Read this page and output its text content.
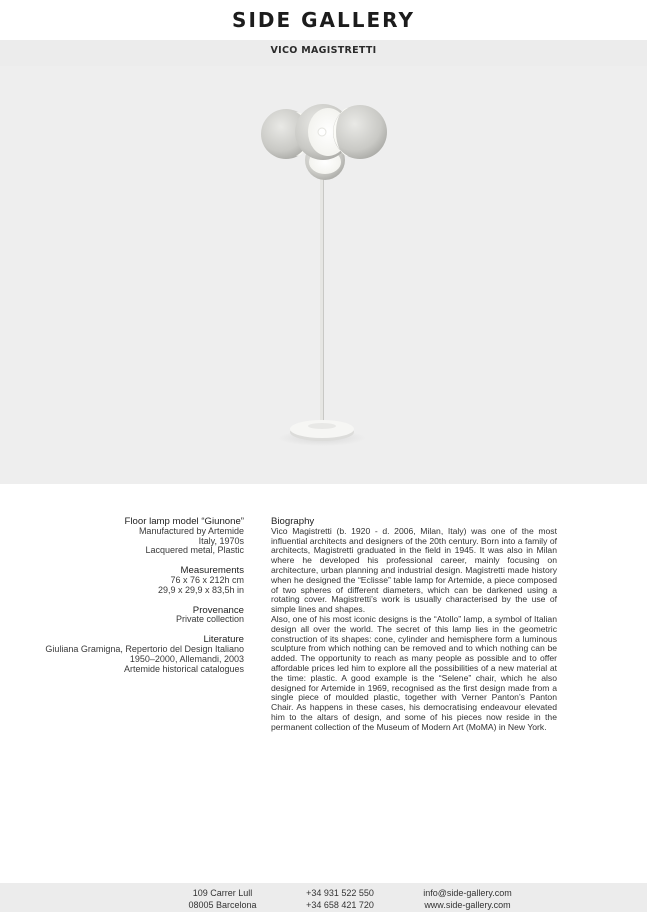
SIDE GALLERY
VICO MAGISTRETTI
Floor lamp model “Giunone”
Manufactured by Artemide
Italy, 1970s
Lacquered metal, Plastic
Measurements
76 x 76 x 212h cm
29,9 x 29,9 x 83,5h in
Provenance
Private collection
Literature
Giuliana Gramigna, Repertorio del Design Italiano
1950–2000, Allemandi, 2003
Artemide historical catalogues
Biography

Vico Magistretti (b. 1920 - d. 2006, Milan, Italy) was one of the most influential architects and designers of the 20th century. Born into a family of architects, Magistretti graduated in the field in 1945. It was also in Milan where he developed his professional career, mainly focusing on architecture, urban planning and industrial design. Magistretti made history when he designed the “Eclisse” table lamp for Artemide, a piece composed of two spheres of different diameters, which can be darkened using a rotating cover. Magistretti’s work is usually characterised by the use of simple lines and shapes.

Also, one of his most iconic designs is the “Atollo” lamp, a symbol of Italian design all over the world. The secret of this lamp lies in the geometric construction of its shapes: cone, cylinder and hemisphere form a luminous sculpture from which nothing can be removed and to which nothing can be added. The opportunity to reach as many people as possible and to offer affordable prices led him to explore all the possibilities of a new material at the time: plastic. A good example is the “Selene” chair, which he also designed for Artemide in 1969, recognised as the first design made from a single piece of moulded plastic, together with Verner Panton’s Panton Chair. As happens in these cases, his democratising endeavour elevated him to the altars of design, and some of his pieces now reside in the permanent collection of the Museum of Modern Art (MoMA) in New York.

109 Carrer Lull
08005 Barcelona
+34 931 522 550
+34 658 421 720
info@side-gallery.com
www.side-gallery.com
